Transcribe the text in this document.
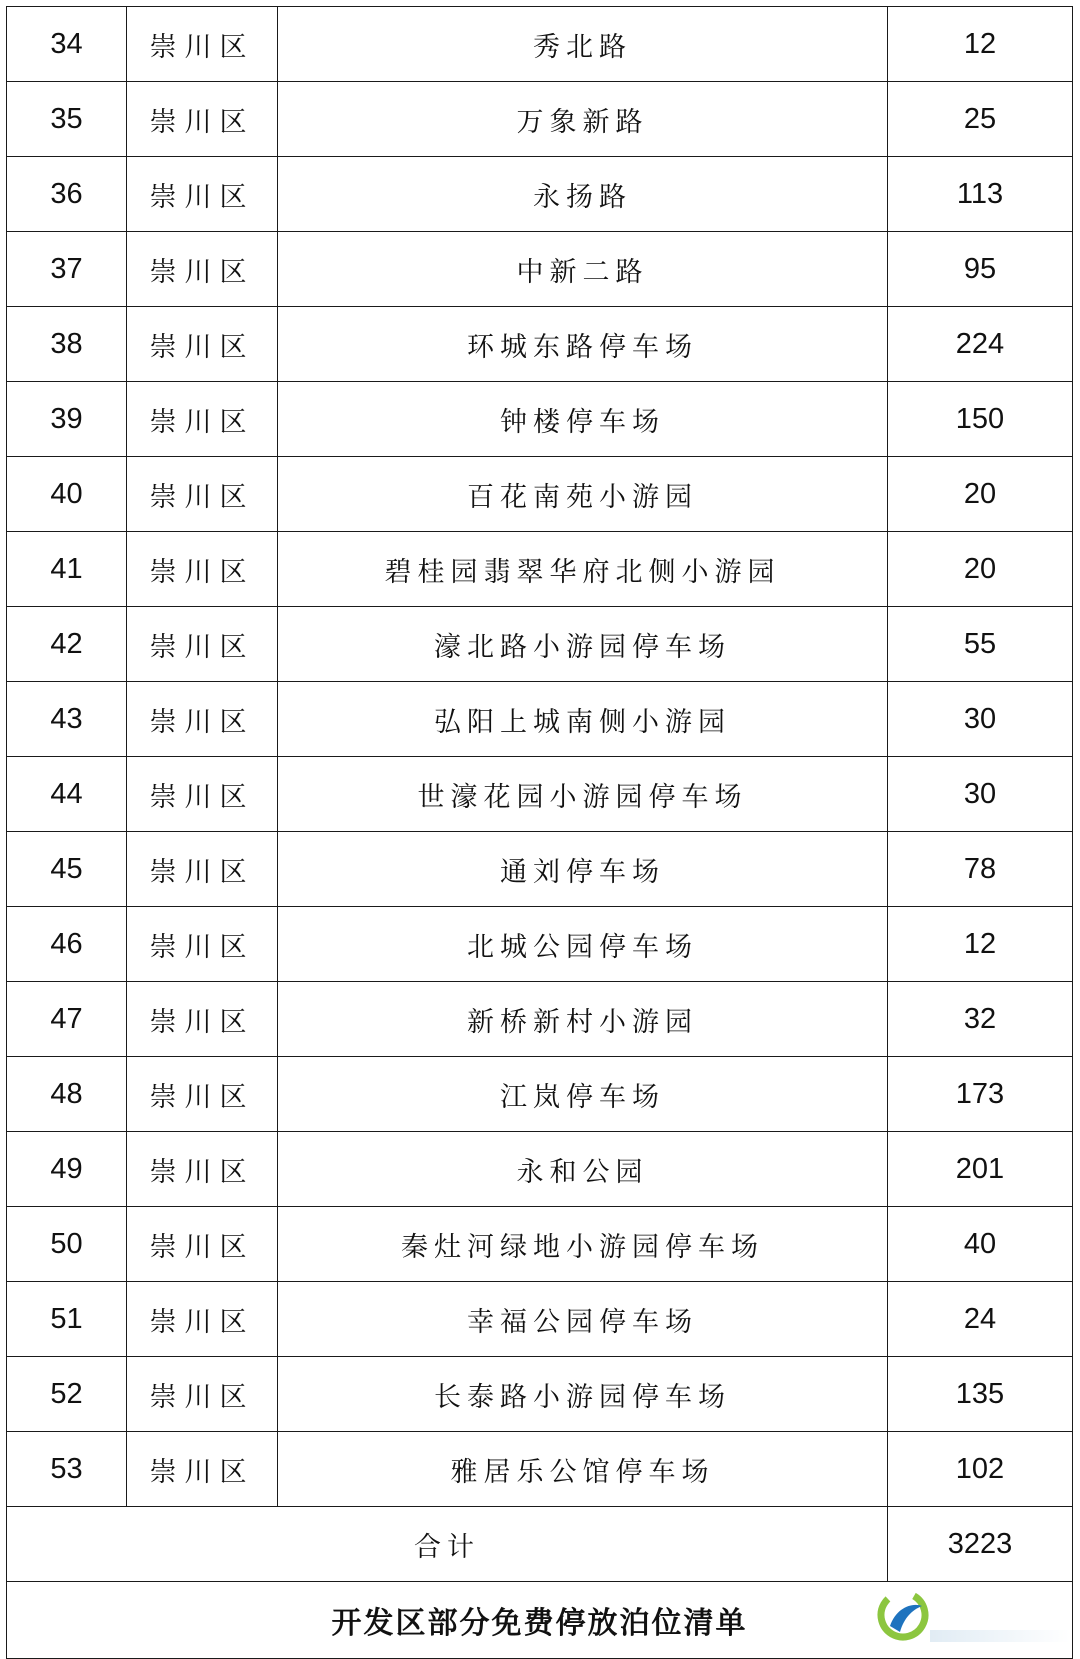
34	崇川区	秀北路	12
35	崇川区	万象新路	25
36	崇川区	永扬路	113
37	崇川区	中新二路	95
38	崇川区	环城东路停车场	224
39	崇川区	钟楼停车场	150
40	崇川区	百花南苑小游园	20
41	崇川区	碧桂园翡翠华府北侧小游园	20
42	崇川区	濠北路小游园停车场	55
43	崇川区	弘阳上城南侧小游园	30
44	崇川区	世濠花园小游园停车场	30
45	崇川区	通刘停车场	78
46	崇川区	北城公园停车场	12
47	崇川区	新桥新村小游园	32
48	崇川区	江岚停车场	173
49	崇川区	永和公园	201
50	崇川区	秦灶河绿地小游园停车场	40
51	崇川区	幸福公园停车场	24
52	崇川区	长泰路小游园停车场	135
53	崇川区	雅居乐公馆停车场	102
合计			3223
开发区部分免费停放泊位清单			
